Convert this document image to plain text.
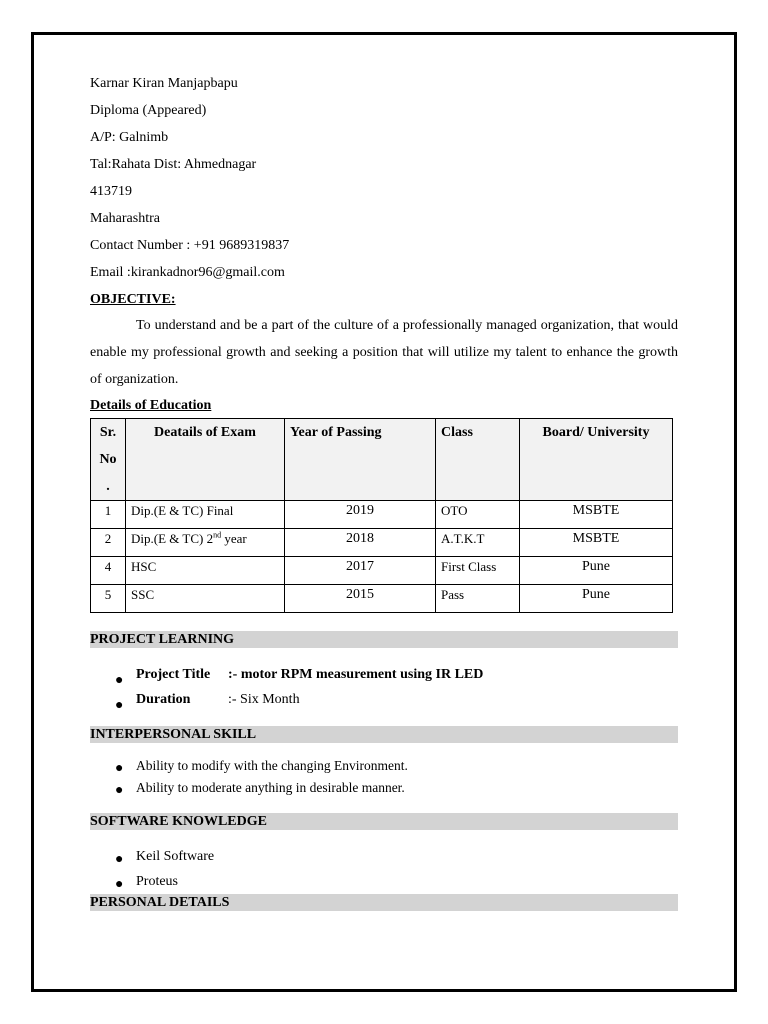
Karnar Kiran Manjapbapu
Diploma (Appeared)
A/P: Galnimb
Tal:Rahata Dist: Ahmednagar
413719
Maharashtra
Contact Number : +91 9689319837
Email :kirankadnor96@gmail.com
OBJECTIVE:
To understand and be a part of the culture of a professionally managed organization, that would enable my professional growth and seeking a position that will utilize my talent to enhance the growth of organization.
Details of Education
Sr.
No
.	Deatails of Exam	Year of Passing	Class	Board/ University
1	Dip.(E & TC) Final	2019	OTO	MSBTE
2	Dip.(E & TC) 2nd year	2018	A.T.K.T	MSBTE
4	HSC	2017	First Class	Pune
5	SSC	2015	Pass	Pune
PROJECT LEARNING
● Project Title :- motor RPM measurement using IR LED
● Duration	:- Six Month
INTERPERSONAL SKILL
● Ability to modify with the changing Environment.
● Ability to moderate anything in desirable manner.
SOFTWARE KNOWLEDGE
● Keil Software
● Proteus
PERSONAL DETAILS
